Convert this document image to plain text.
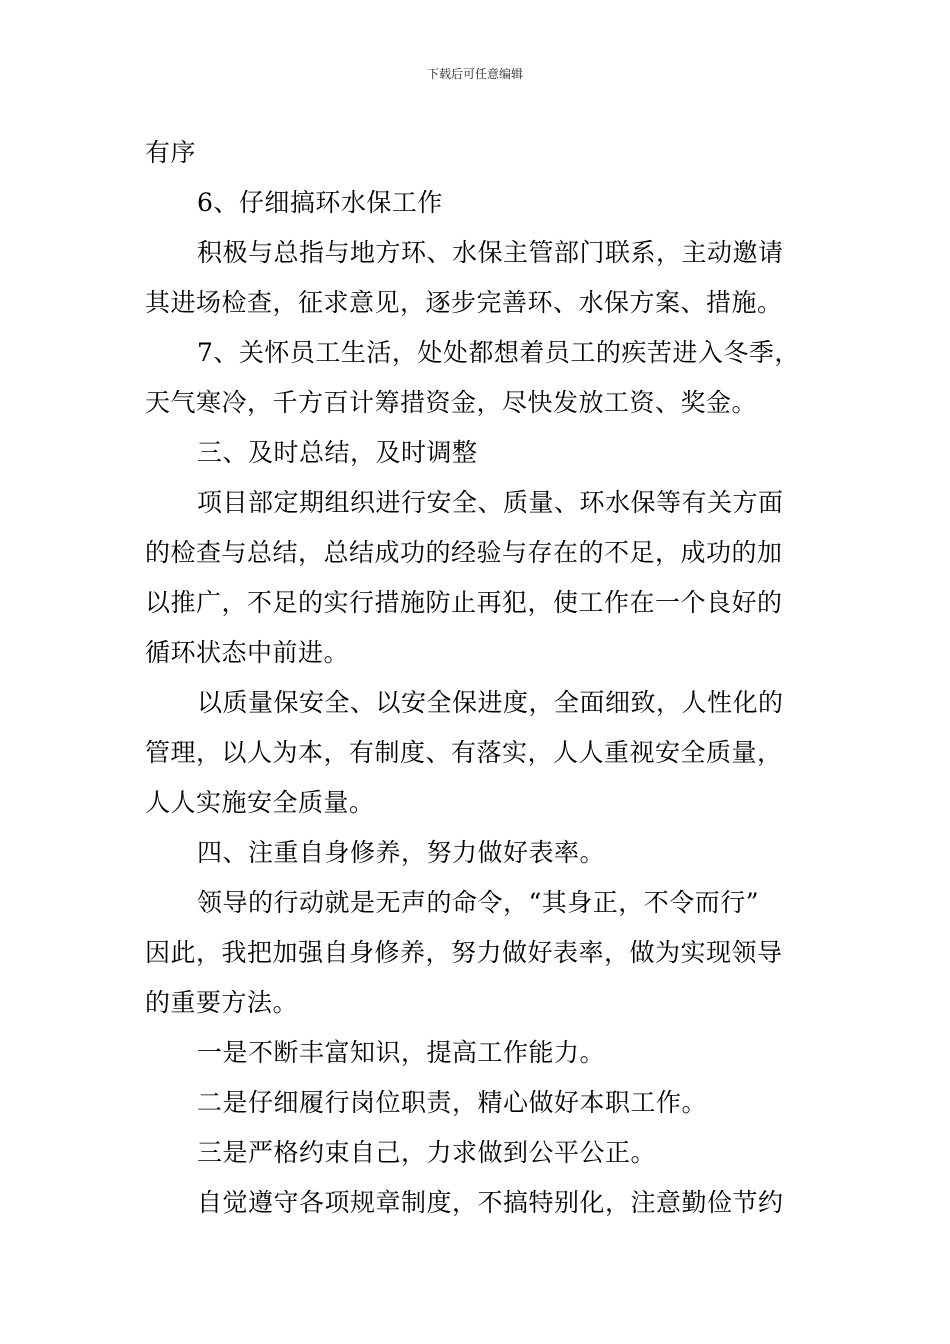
下载后可任意编辑
有序
6、仔细搞环水保工作
积极与总指与地方环、水保主管部门联系，主动邀请
其进场检查，征求意见，逐步完善环、水保方案、措施。
7、关怀员工生活，处处都想着员工的疾苦进入冬季，
天气寒冷，千方百计筹措资金，尽快发放工资、奖金。
三、及时总结，及时调整
项目部定期组织进行安全、质量、环水保等有关方面
的检查与总结，总结成功的经验与存在的不足，成功的加
以推广，不足的实行措施防止再犯，使工作在一个良好的
循环状态中前进。
以质量保安全、以安全保进度，全面细致，人性化的
管理，以人为本，有制度、有落实，人人重视安全质量，
人人实施安全质量。
四、注重自身修养，努力做好表率。
领导的行动就是无声的命令，“其身正，不令而行”
因此，我把加强自身修养，努力做好表率，做为实现领导
的重要方法。
一是不断丰富知识，提高工作能力。
二是仔细履行岗位职责，精心做好本职工作。
三是严格约束自己，力求做到公平公正。
自觉遵守各项规章制度，不搞特别化，注意勤俭节约
